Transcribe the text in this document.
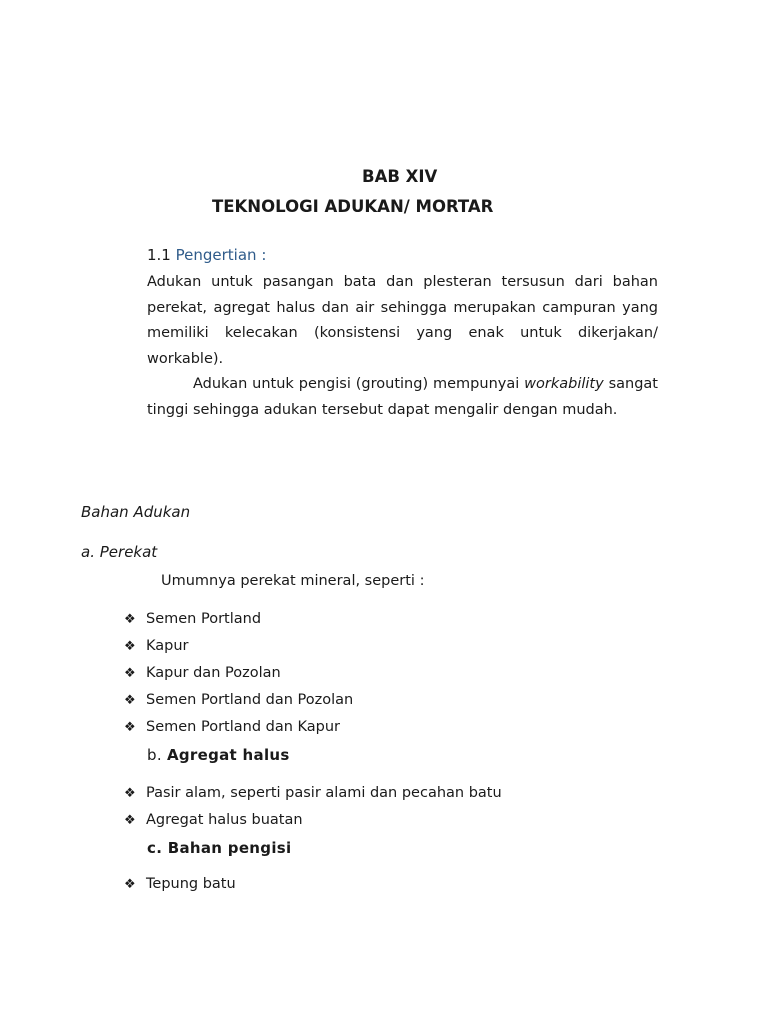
BAB XIV
TEKNOLOGI ADUKAN/ MORTAR
1.1 Pengertian :
Adukan untuk pasangan bata dan plesteran tersusun dari bahan perekat, agregat halus dan air sehingga merupakan campuran yang memiliki kelecakan (konsistensi yang enak untuk dikerjakan/ workable).
Adukan untuk pengisi (grouting) mempunyai workability sangat tinggi sehingga adukan tersebut dapat mengalir dengan mudah.
Bahan Adukan
a. Perekat
Umumnya perekat mineral, seperti :
❖ Semen Portland
❖ Kapur
❖ Kapur dan Pozolan
❖ Semen Portland dan Pozolan
❖ Semen Portland dan Kapur
b. Agregat halus
❖ Pasir alam, seperti pasir alami dan pecahan batu
❖ Agregat halus buatan
c. Bahan pengisi
❖ Tepung batu
